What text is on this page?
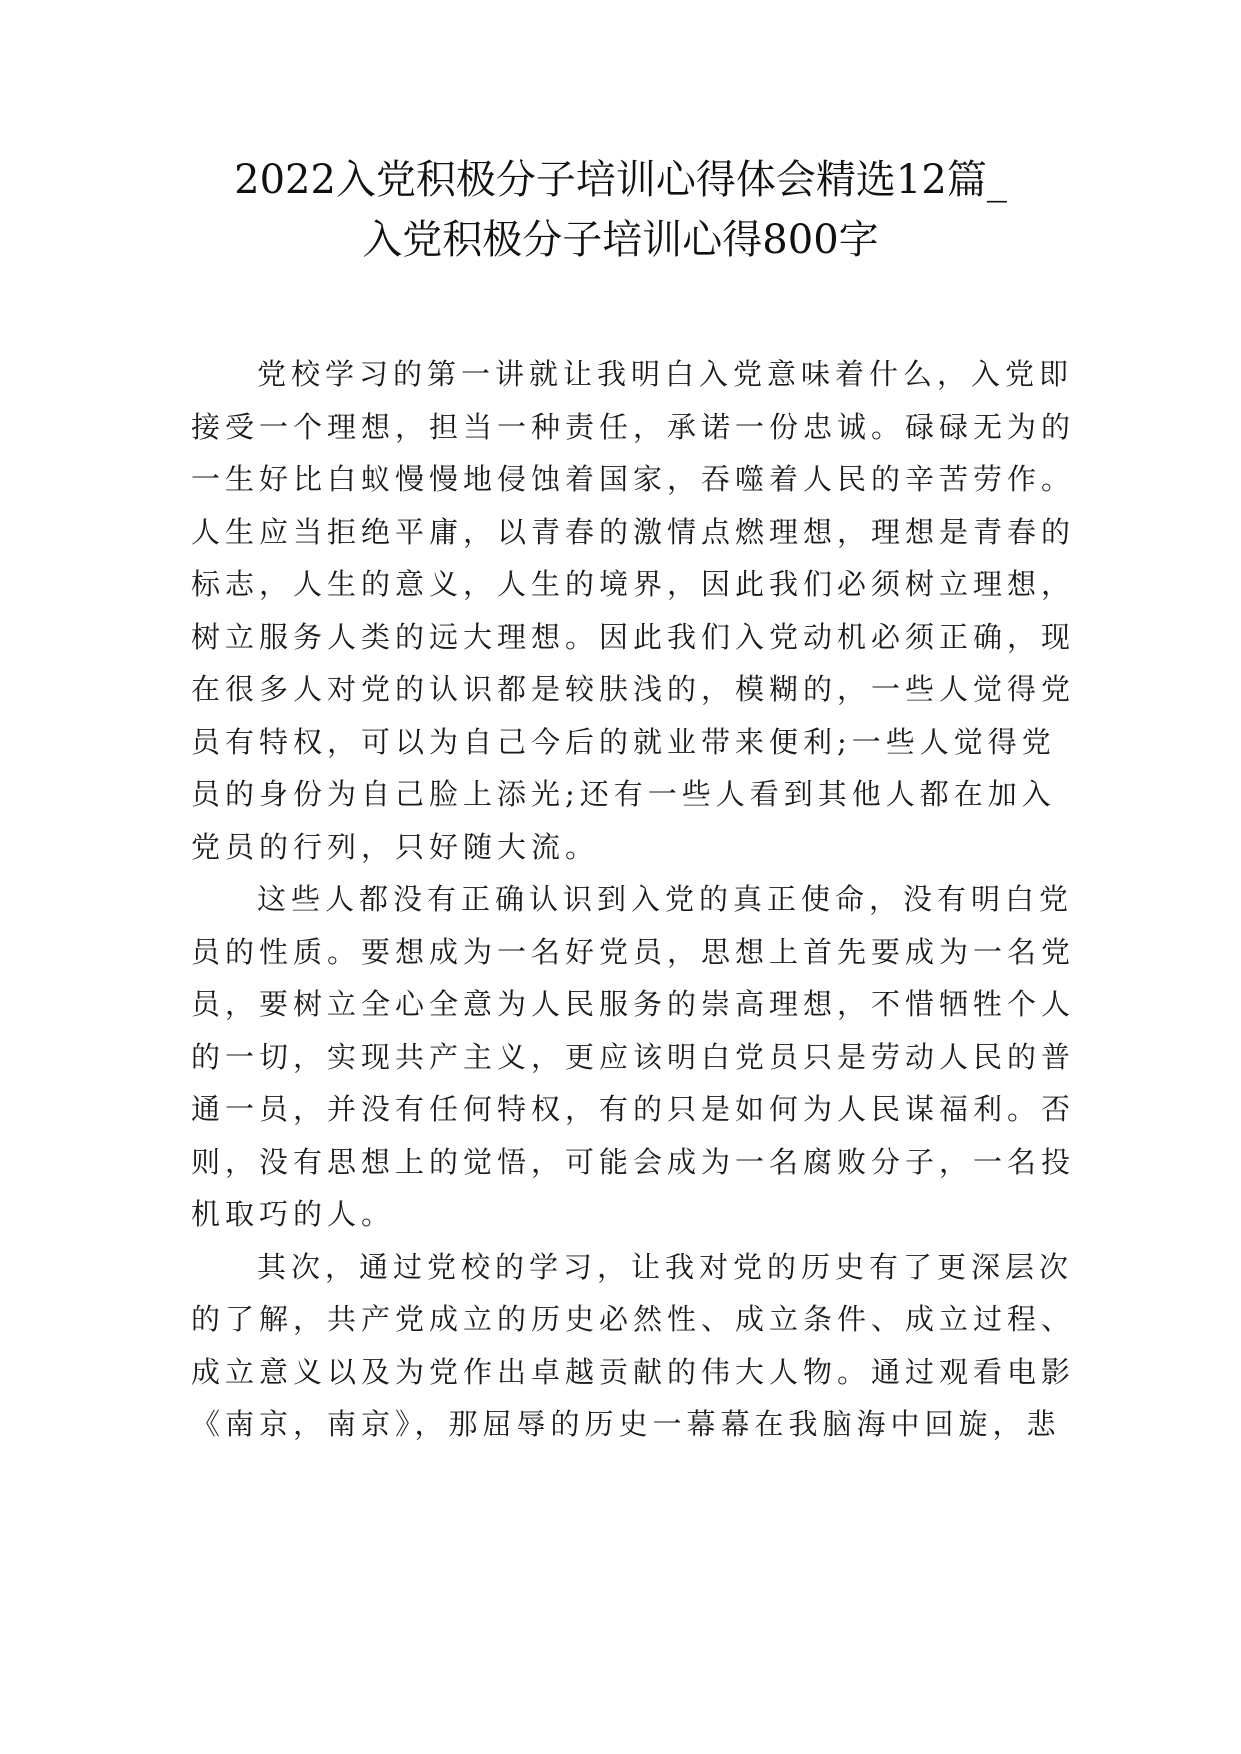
2022入党积极分子培训心得体会精选12篇_
入党积极分子培训心得800字
党校学习的第一讲就让我明白入党意味着什么，入党即
接受一个理想，担当一种责任，承诺一份忠诚。碌碌无为的
一生好比白蚁慢慢地侵蚀着国家，吞噬着人民的辛苦劳作。
人生应当拒绝平庸，以青春的激情点燃理想，理想是青春的
标志，人生的意义，人生的境界，因此我们必须树立理想，
树立服务人类的远大理想。因此我们入党动机必须正确，现
在很多人对党的认识都是较肤浅的，模糊的，一些人觉得党
员有特权，可以为自己今后的就业带来便利;一些人觉得党
员的身份为自己脸上添光;还有一些人看到其他人都在加入
党员的行列，只好随大流。
这些人都没有正确认识到入党的真正使命，没有明白党
员的性质。要想成为一名好党员，思想上首先要成为一名党
员，要树立全心全意为人民服务的崇高理想，不惜牺牲个人
的一切，实现共产主义，更应该明白党员只是劳动人民的普
通一员，并没有任何特权，有的只是如何为人民谋福利。否
则，没有思想上的觉悟，可能会成为一名腐败分子，一名投
机取巧的人。
其次，通过党校的学习，让我对党的历史有了更深层次
的了解，共产党成立的历史必然性、成立条件、成立过程、
成立意义以及为党作出卓越贡献的伟大人物。通过观看电影
《南京，南京》，那屈辱的历史一幕幕在我脑海中回旋，悲
